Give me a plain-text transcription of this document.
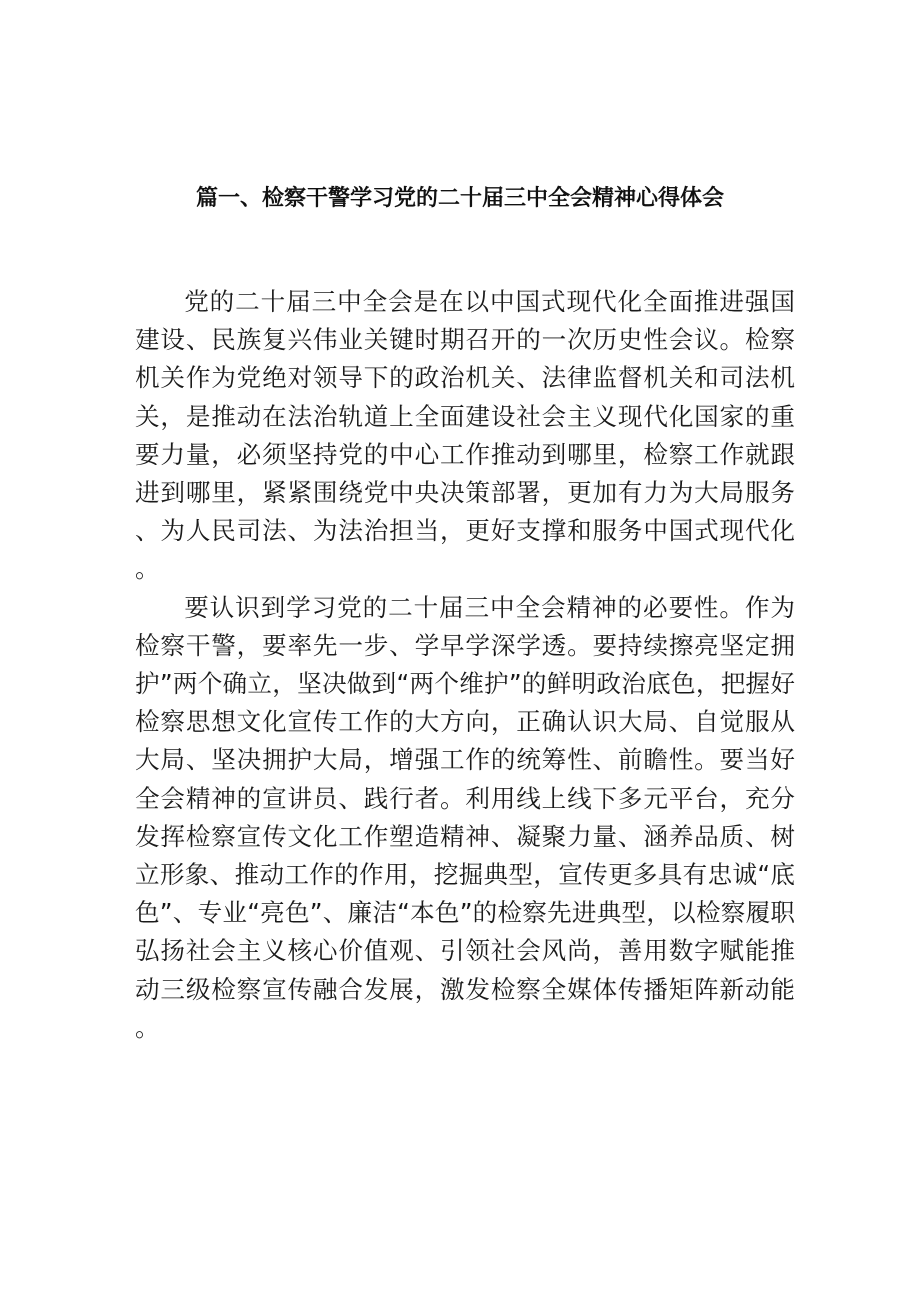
篇一、检察干警学习党的二十届三中全会精神心得体会

党的二十届三中全会是在以中国式现代化全面推进强国建设、民族复兴伟业关键时期召开的一次历史性会议。检察机关作为党绝对领导下的政治机关、法律监督机关和司法机关，是推动在法治轨道上全面建设社会主义现代化国家的重要力量，必须坚持党的中心工作推动到哪里，检察工作就跟进到哪里，紧紧围绕党中央决策部署，更加有力为大局服务、为人民司法、为法治担当，更好支撑和服务中国式现代化。

要认识到学习党的二十届三中全会精神的必要性。作为检察干警，要率先一步、学早学深学透。要持续擦亮坚定拥护”两个确立，坚决做到“两个维护”的鲜明政治底色，把握好检察思想文化宣传工作的大方向，正确认识大局、自觉服从大局、坚决拥护大局，增强工作的统筹性、前瞻性。要当好全会精神的宣讲员、践行者。利用线上线下多元平台，充分发挥检察宣传文化工作塑造精神、凝聚力量、涵养品质、树立形象、推动工作的作用，挖掘典型，宣传更多具有忠诚“底色”、专业“亮色”、廉洁“本色”的检察先进典型，以检察履职弘扬社会主义核心价值观、引领社会风尚，善用数字赋能推动三级检察宣传融合发展，激发检察全媒体传播矩阵新动能。
